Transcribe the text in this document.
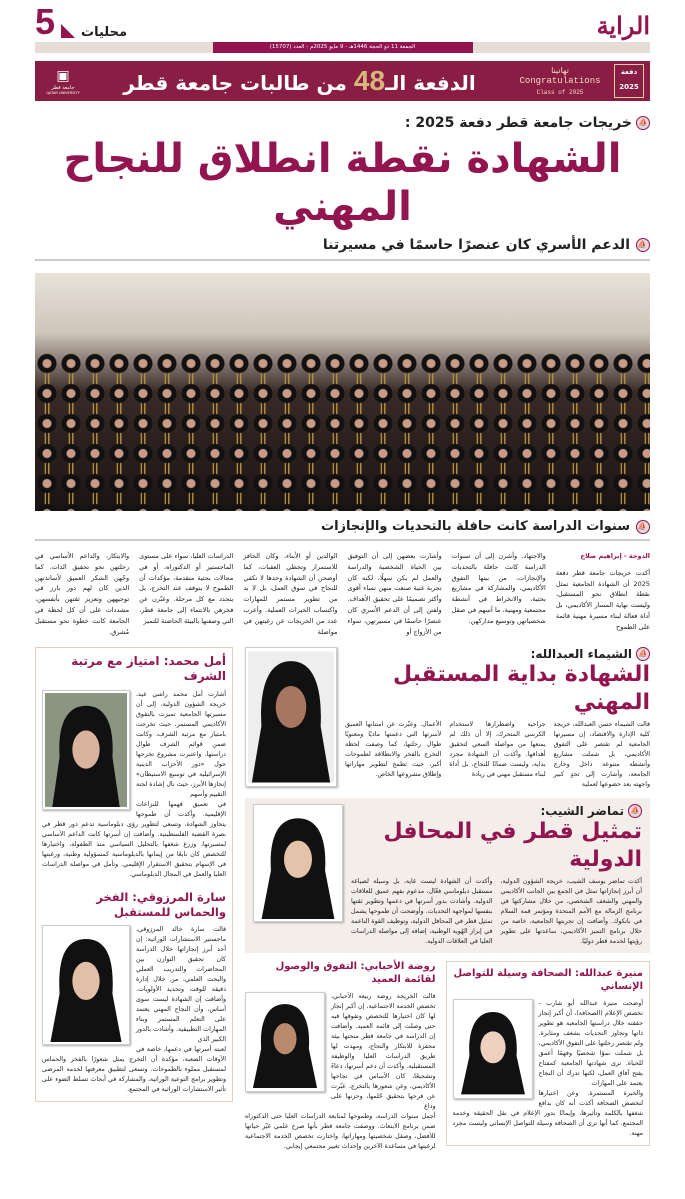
الراية
محليات
5
الجمعة 11 ذو الحجة 1446هـ - 9 مايو 2025م - العدد (15707)
دفعة 2025
تهانينا
Congratulations
Class of 2025
الدفعة الـ48 من طالبات جامعة قطر
▣
جامعة قطر
QATAR UNIVERSITY
⛵
خريجات جامعة قطر دفعة 2025 :
الشهادة نقطة انطلاق للنجاح المهني
⛵
الدعم الأسري كان عنصرًا حاسمًا في مسيرتنا
⛵
سنوات الدراسة كانت حافلة بالتحديات والإنجازات
الدوحة - إبراهيم صلاح
أكدت خريجات جامعة قطر دفعة 2025 أن الشهادة الجامعية تمثل نقطة انطلاق نحو المستقبل، وليست نهاية المسار الأكاديمي، بل أداة فعالة لبناء مسيرة مهنية قائمة على الطموح
والاجتهاد. وأشرن إلى أن سنوات الدراسة كانت حافلة بالتحديات والإنجازات، من بينها التفوق الأكاديمي، والمشاركة في مشاريع بحثية، والانخراط في أنشطة مجتمعية ومهنية، ما أسهم في صقل شخصياتهن وتوسيع مداركهن.
وأشارت بعضهن إلى أن التوفيق بين الحياة الشخصية والدراسة والعمل لم يكن سهلًا، لكنه كان تجربة غنية صنعت منهن نساء أقوى وأكثر تصميمًا على تحقيق الأهداف. ولفتن إلى أن الدعم الأسري كان عنصرًا حاسمًا في مسيرتهن، سواء من الأزواج أو
الوالدين أو الأبناء، وكان الحافز للاستمرار وتخطي العقبات، كما أوضحن أن الشهادة وحدها لا تكفي للنجاح في سوق العمل، بل لا بد من تطوير مستمر للمهارات واكتساب الخبرات العملية. وأعرب عدد من الخريجات عن رغبتهن في مواصلة
الدراسات العليا، سواء على مستوى الماجستير أو الدكتوراه، أو في مجالات بحثية متقدمة، مؤكدات أن الطموح لا يتوقف عند التخرج، بل يتجدد مع كل مرحلة. وعبّرن عن فخرهن بالانتماء إلى جامعة قطر، التي وصفنها بالبيئة الحاضنة للتميز
والابتكار، والداعم الأساسي في رحلتهن نحو تحقيق الذات. كما وجّهن الشكر العميق لأساتذتهن الذين كان لهم دور بارز في توجيههن وتعزيز ثقتهن بأنفسهن، مشددات على أن كل لحظة في الجامعة كانت خطوة نحو مستقبل مُشرق.
⛵
الشيماء العبدالله:
الشهادة بداية المستقبل المهني
قالت الشيماء حسن العبدالله، خريجة كلية الإدارة والاقتصاد، إن مسيرتها الجامعية لم تقتصر على التفوق الأكاديمي، بل شملت مشاريع وأنشطة متنوعة داخل وخارج الجامعة، وأشارت إلى تحدٍ كبير واجهته بعد خضوعها لعملية
جراحية واضطرارها لاستخدام الكرسي المتحرك، إلا أن ذلك لم يمنعها من مواصلة السعي لتحقيق أهدافها. وأكدت أن الشهادة مجرد بداية، وليست ضمانًا للنجاح، بل أداة لبناء مستقبل مهني في ريادة
الأعمال. وعبّرت عن امتنانها العميق لأسرتها التي دعمتها ماديًا ومعنويًا طوال رحلتها، كما وصفت لحظة التخرج بالفخر والانطلاقة لطموحات أكبر، حيث تطمح لتطوير مهاراتها وإطلاق مشروعها الخاص.
⛵
تماضر الشيب:
تمثيل قطر في المحافل الدولية
أكدت تماضر يوسف الشيب، خريجة الشؤون الدولية، أن أبرز إنجازاتها تمثل في الجمع بين الجانب الأكاديمي والمهني والشغف الشخصي، من خلال مشاركتها في برنامج الزمالة مع الأمم المتحدة ومؤتمر قمة السلام في بانكوك. وأضافت إن تجربتها الجامعية، خاصة من خلال برنامج التميز الأكاديمي، ساعدتها على تطوير رؤيتها لخدمة قطر دوليًا.
وأكدت أن الشهادة ليست غاية، بل وسيلة لصياغة مستقبل دبلوماسي فعّال، مدعوم بفهم عميق للعلاقات الدولية. وأشادت بدور أسرتها في دعمها وتطوير ثقتها بنفسها لمواجهة التحديات. وأوضحت أن طموحها يشمل تمثيل قطر في المحافل الدولية، وتوظيف القوة الناعمة في إبراز الهُوية الوطنية، إضافة إلى مواصلة الدراسات العليا في العلاقات الدولية.
منيرة عبدالله: الصحافة وسيلة للتواصل الإنساني
أوضحت منيرة عبدالله أبو شارب - تخصص الإعلام (الصحافة)، أن أكبر إنجاز حققته خلال دراستها الجامعية هو تطوير ذاتها وتجاوز التحديات بشغف ومثابرة. ولم تقتصر رحلتها على التفوق الأكاديمي، بل شملت نموًا شخصيًا وفهمًا أعمق للحياة. ترى شهادتها الجامعية كمفتاح يفتح آفاق العمل، لكنها تدرك أن النجاح يعتمد على المهارات
والخبرة المستمرة. وعن اختيارها لتخصص الصحافة أكدت أنه كان بدافع شغفها بالكلمة وتأثيرها، وإيمانًا بدور الإعلام في نقل الحقيقة وخدمة المجتمع. كما أنها ترى أن الصحافة وسيلة للتواصل الإنساني وليست مجرد مهنة.
روضة الأحبابي: التفوق والوصول لقائمة العميد
قالت الخريجة روضة ربيعة الأحبابي، تخصص الخدمة الاجتماعية، إن أكبر إنجاز لها كان اختيارها للتخصص وتفوقها فيه حتى وصلت إلى قائمة العميد. وأضافت إن الدراسة في جامعة قطر منحتها بيئة محفزة للابتكار والنجاح، ومهدت لها طريق الدراسات العليا والوظيفة المستقبلية. وأكدت أن دعم أسرتها، دعاءً وتشجيعًا، كان الأساس في نجاحها الأكاديمي، وعن شعورها بالتخرج، عبّرت عن فرحها بتحقيق حُلمها، وحزنها على وداع
أجمل سنوات الدراسة، وطموحها لمتابعة الدراسات العليا حتى الدكتوراه ضمن برنامج الابتعاث. ووصفت جامعة قطر بأنها صرح علمي غيّر حياتها للأفضل، وصقل شخصيتها ومهاراتها، واختارت تخصص الخدمة الاجتماعية لرغبتها في مساعدة الآخرين وإحداث تغيير مجتمعي إيجابي.
أمل محمد: امتياز مع مرتبة الشرف
أشارت أمل محمد راشي عيد، خريجة الشؤون الدولية، إلى أن مسيرتها الجامعية تميزت بالتفوق الأكاديمي المستمر، حيث تخرجت بامتياز مع مرتبة الشرف، وكانت ضمن قوائم الشرف طوال دراستها. واعتبرت مشروع تخرجها حول «دور الأحزاب الدينية الإسرائيلية في توسيع الاستيطان» إنجازها الأبرز، حيث نال إشادة لجنة التقييم وأسهم
في تعميق فهمها للنزاعات الإقليمية. وأكدت أن طموحها يتجاوز الشهادة، وتسعى لتطوير رؤى دبلوماسية تدعم دور قطر في نصرة القضية الفلسطينية. وأضافت إن أسرتها كانت الداعم الأساسي لمسيرتها، وزرع شغفها بالتحليل السياسي منذ الطفولة، واختيارها للتخصص كان نابعًا من إيمانها بالدبلوماسية كمسؤولية وطنية، ورغبتها في الإسهام بتحقيق الاستقرار الإقليمي. وتأمل في مواصلة الدراسات العليا والعمل في المجال الدبلوماسي.
سارة المرزوقي: الفخر والحماس للمستقبل
قالت سارة خالد المرزوقي، ماجستير الاستشارات الوراثية: إن أحد أبرز إنجازاتها خلال الدراسة كان تحقيق التوازن بين المحاضرات والتدريب العملي والبحث العلمي، من خلال إدارة دقيقة للوقت وتحديد الأولويات. وأضافت إن الشهادة ليست سوى أساس، وأن النجاح المهني يعتمد على التعلم المستمر وبناء المهارات التطبيقية. وأشادت بالدور الكبير الذي
لعبته أسرتها في دعمها، خاصة في الأوقات الصعبة، مؤكدة أن التخرج يمثل شعورًا بالفخر والحماس لمستقبل مملوء بالطموحات. وتسعى لتطبيق معرفتها لخدمة المرضى وتطوير برامج التوعية الوراثية، والمشاركة في أبحاث تسلط الضوء على تأثير الاستشارات الوراثية في المجتمع.
